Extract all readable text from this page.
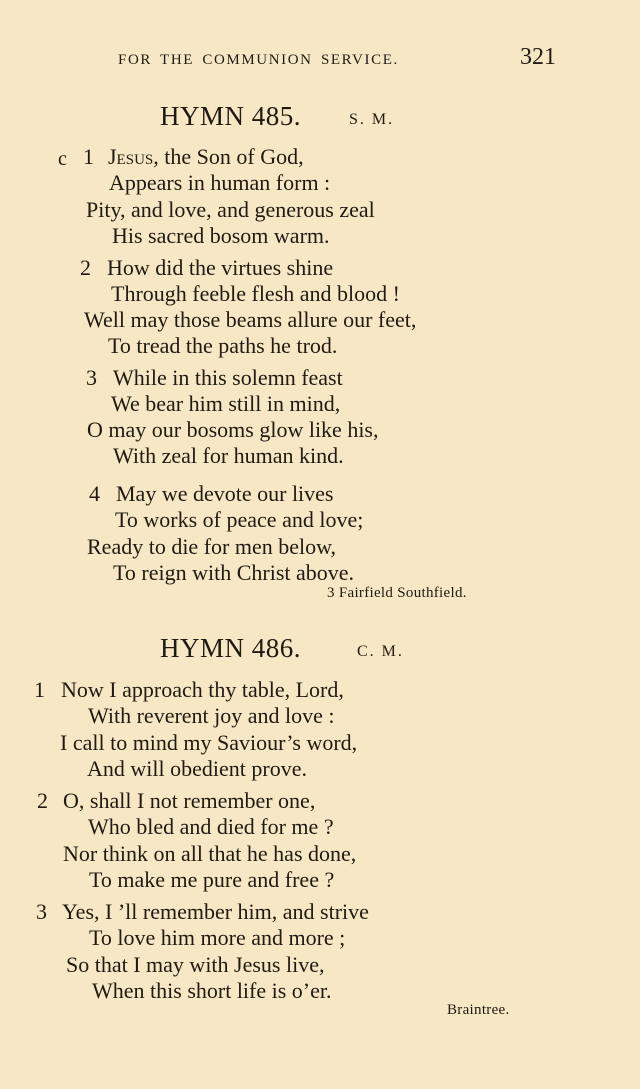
FOR THE COMMUNION SERVICE.	321
HYMN 485.	S. M.
c 1 Jesus, the Son of God,
Appears in human form :
Pity, and love, and generous zeal
His sacred bosom warm.
2 How did the virtues shine
Through feeble flesh and blood !
Well may those beams allure our feet,
To tread the paths he trod.
3 While in this solemn feast
We bear him still in mind,
O may our bosoms glow like his,
With zeal for human kind.
4 May we devote our lives
To works of peace and love;
Ready to die for men below,
To reign with Christ above.
3 Fairfield Southfield.
HYMN 486.	C. M.
1 Now I approach thy table, Lord,
With reverent joy and love :
I call to mind my Saviour’s word,
And will obedient prove.
2 O, shall I not remember one,
Who bled and died for me ?
Nor think on all that he has done,
To make me pure and free ?
3 Yes, I ’ll remember him, and strive
To love him more and more ;
So that I may with Jesus live,
When this short life is o’er.
Braintree.
